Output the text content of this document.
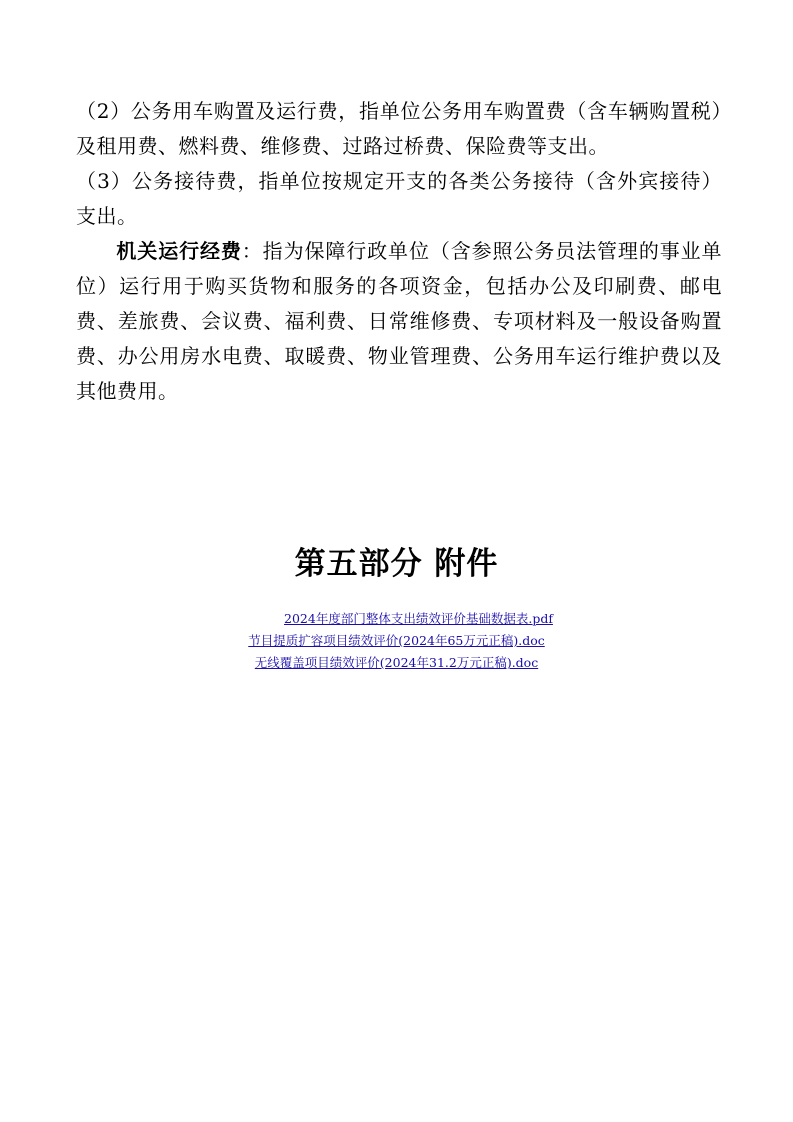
（2）公务用车购置及运行费，指单位公务用车购置费（含车辆购置税）及租用费、燃料费、维修费、过路过桥费、保险费等支出。
（3）公务接待费，指单位按规定开支的各类公务接待（含外宾接待）支出。
机关运行经费：指为保障行政单位（含参照公务员法管理的事业单位）运行用于购买货物和服务的各项资金，包括办公及印刷费、邮电费、差旅费、会议费、福利费、日常维修费、专项材料及一般设备购置费、办公用房水电费、取暖费、物业管理费、公务用车运行维护费以及其他费用。
第五部分 附件
2024年度部门整体支出绩效评价基础数据表.pdf
节目提质扩容项目绩效评价(2024年65万元正稿).doc
无线覆盖项目绩效评价(2024年31.2万元正稿).doc
